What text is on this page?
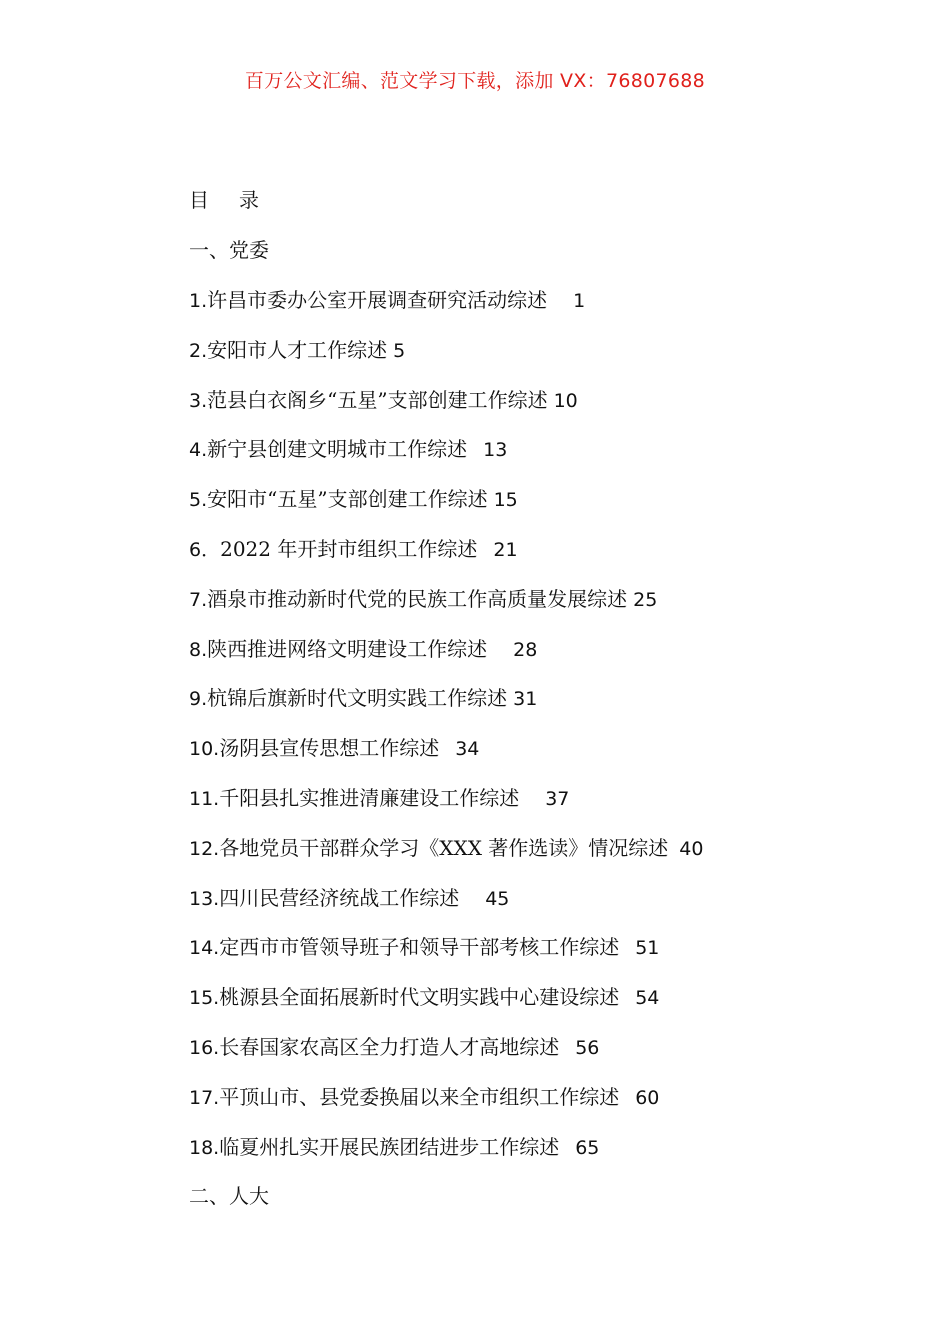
百万公文汇编、范文学习下载，添加 VX：76807688
目 录
一、党委
1.许昌市委办公室开展调查研究活动综述 1
2.安阳市人才工作综述 5
3.范县白衣阁乡“五星”支部创建工作综述 10
4.新宁县创建文明城市工作综述 13
5.安阳市“五星”支部创建工作综述 15
6．2022 年开封市组织工作综述 21
7.酒泉市推动新时代党的民族工作高质量发展综述 25
8.陕西推进网络文明建设工作综述 28
9.杭锦后旗新时代文明实践工作综述 31
10.汤阴县宣传思想工作综述 34
11.千阳县扎实推进清廉建设工作综述 37
12.各地党员干部群众学习《XXX 著作选读》情况综述 40
13.四川民营经济统战工作综述 45
14.定西市市管领导班子和领导干部考核工作综述 51
15.桃源县全面拓展新时代文明实践中心建设综述 54
16.长春国家农高区全力打造人才高地综述 56
17.平顶山市、县党委换届以来全市组织工作综述 60
18.临夏州扎实开展民族团结进步工作综述 65
二、人大
